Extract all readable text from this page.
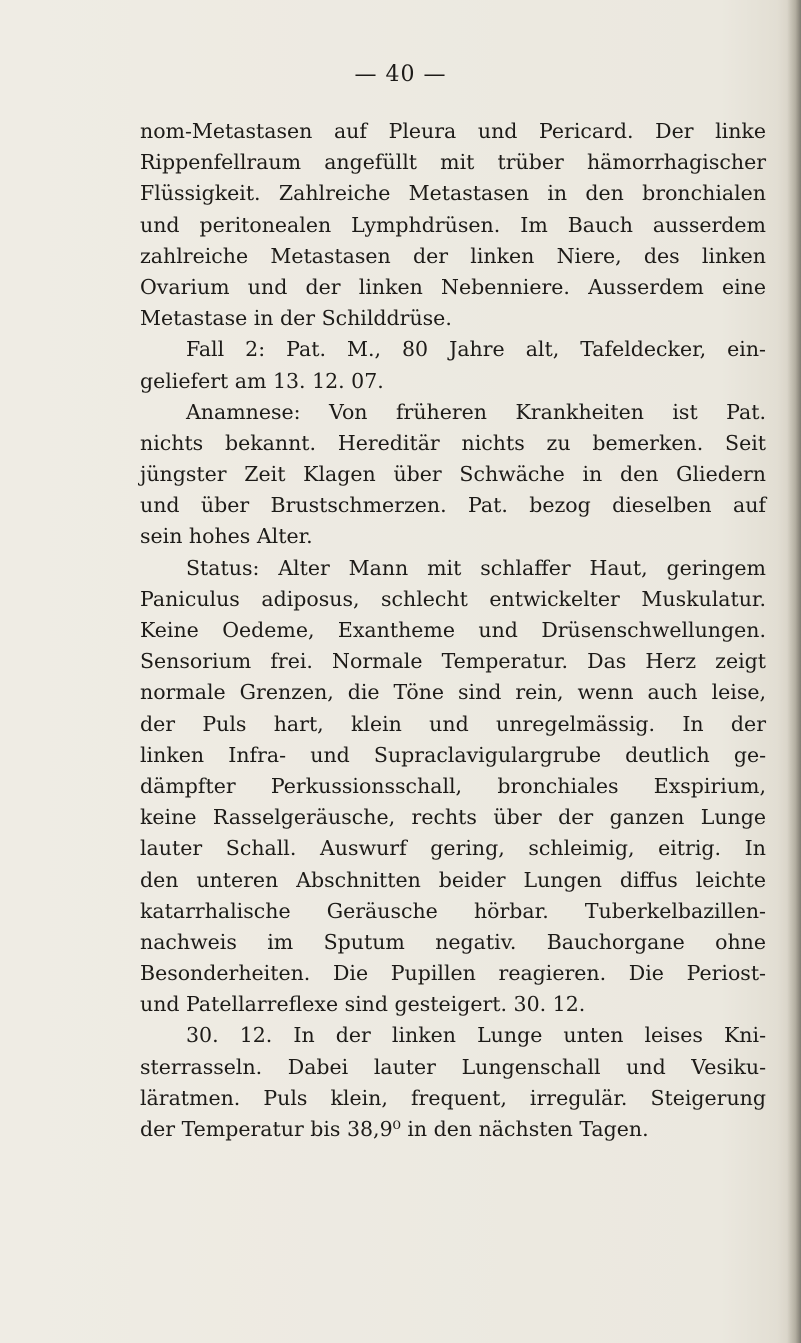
— 40 —
nom-Metastasen auf Pleura und Pericard. Der linke
Rippenfellraum angefüllt mit trüber hämorrhagischer
Flüssigkeit. Zahlreiche Metastasen in den bronchialen
und peritonealen Lymphdrüsen. Im Bauch ausserdem
zahlreiche Metastasen der linken Niere, des linken
Ovarium und der linken Nebenniere. Ausserdem eine
Metastase in der Schilddrüse.
Fall 2: Pat. M., 80 Jahre alt, Tafeldecker, ein-
geliefert am 13. 12. 07.
Anamnese: Von früheren Krankheiten ist Pat.
nichts bekannt. Hereditär nichts zu bemerken. Seit
jüngster Zeit Klagen über Schwäche in den Gliedern
und über Brustschmerzen. Pat. bezog dieselben auf
sein hohes Alter.
Status: Alter Mann mit schlaffer Haut, geringem
Paniculus adiposus, schlecht entwickelter Muskulatur.
Keine Oedeme, Exantheme und Drüsenschwellungen.
Sensorium frei. Normale Temperatur. Das Herz zeigt
normale Grenzen, die Töne sind rein, wenn auch leise,
der Puls hart, klein und unregelmässig. In der
linken Infra- und Supraclavigulargrube deutlich ge-
dämpfter Perkussionsschall, bronchiales Exspirium,
keine Rasselgeräusche, rechts über der ganzen Lunge
lauter Schall. Auswurf gering, schleimig, eitrig. In
den unteren Abschnitten beider Lungen diffus leichte
katarrhalische Geräusche hörbar. Tuberkelbazillen-
nachweis im Sputum negativ. Bauchorgane ohne
Besonderheiten. Die Pupillen reagieren. Die Periost-
und Patellarreflexe sind gesteigert. 30. 12.
30. 12. In der linken Lunge unten leises Kni-
sterrasseln. Dabei lauter Lungenschall und Vesiku-
läratmen. Puls klein, frequent, irregulär. Steigerung
der Temperatur bis 38,9⁰ in den nächsten Tagen.
